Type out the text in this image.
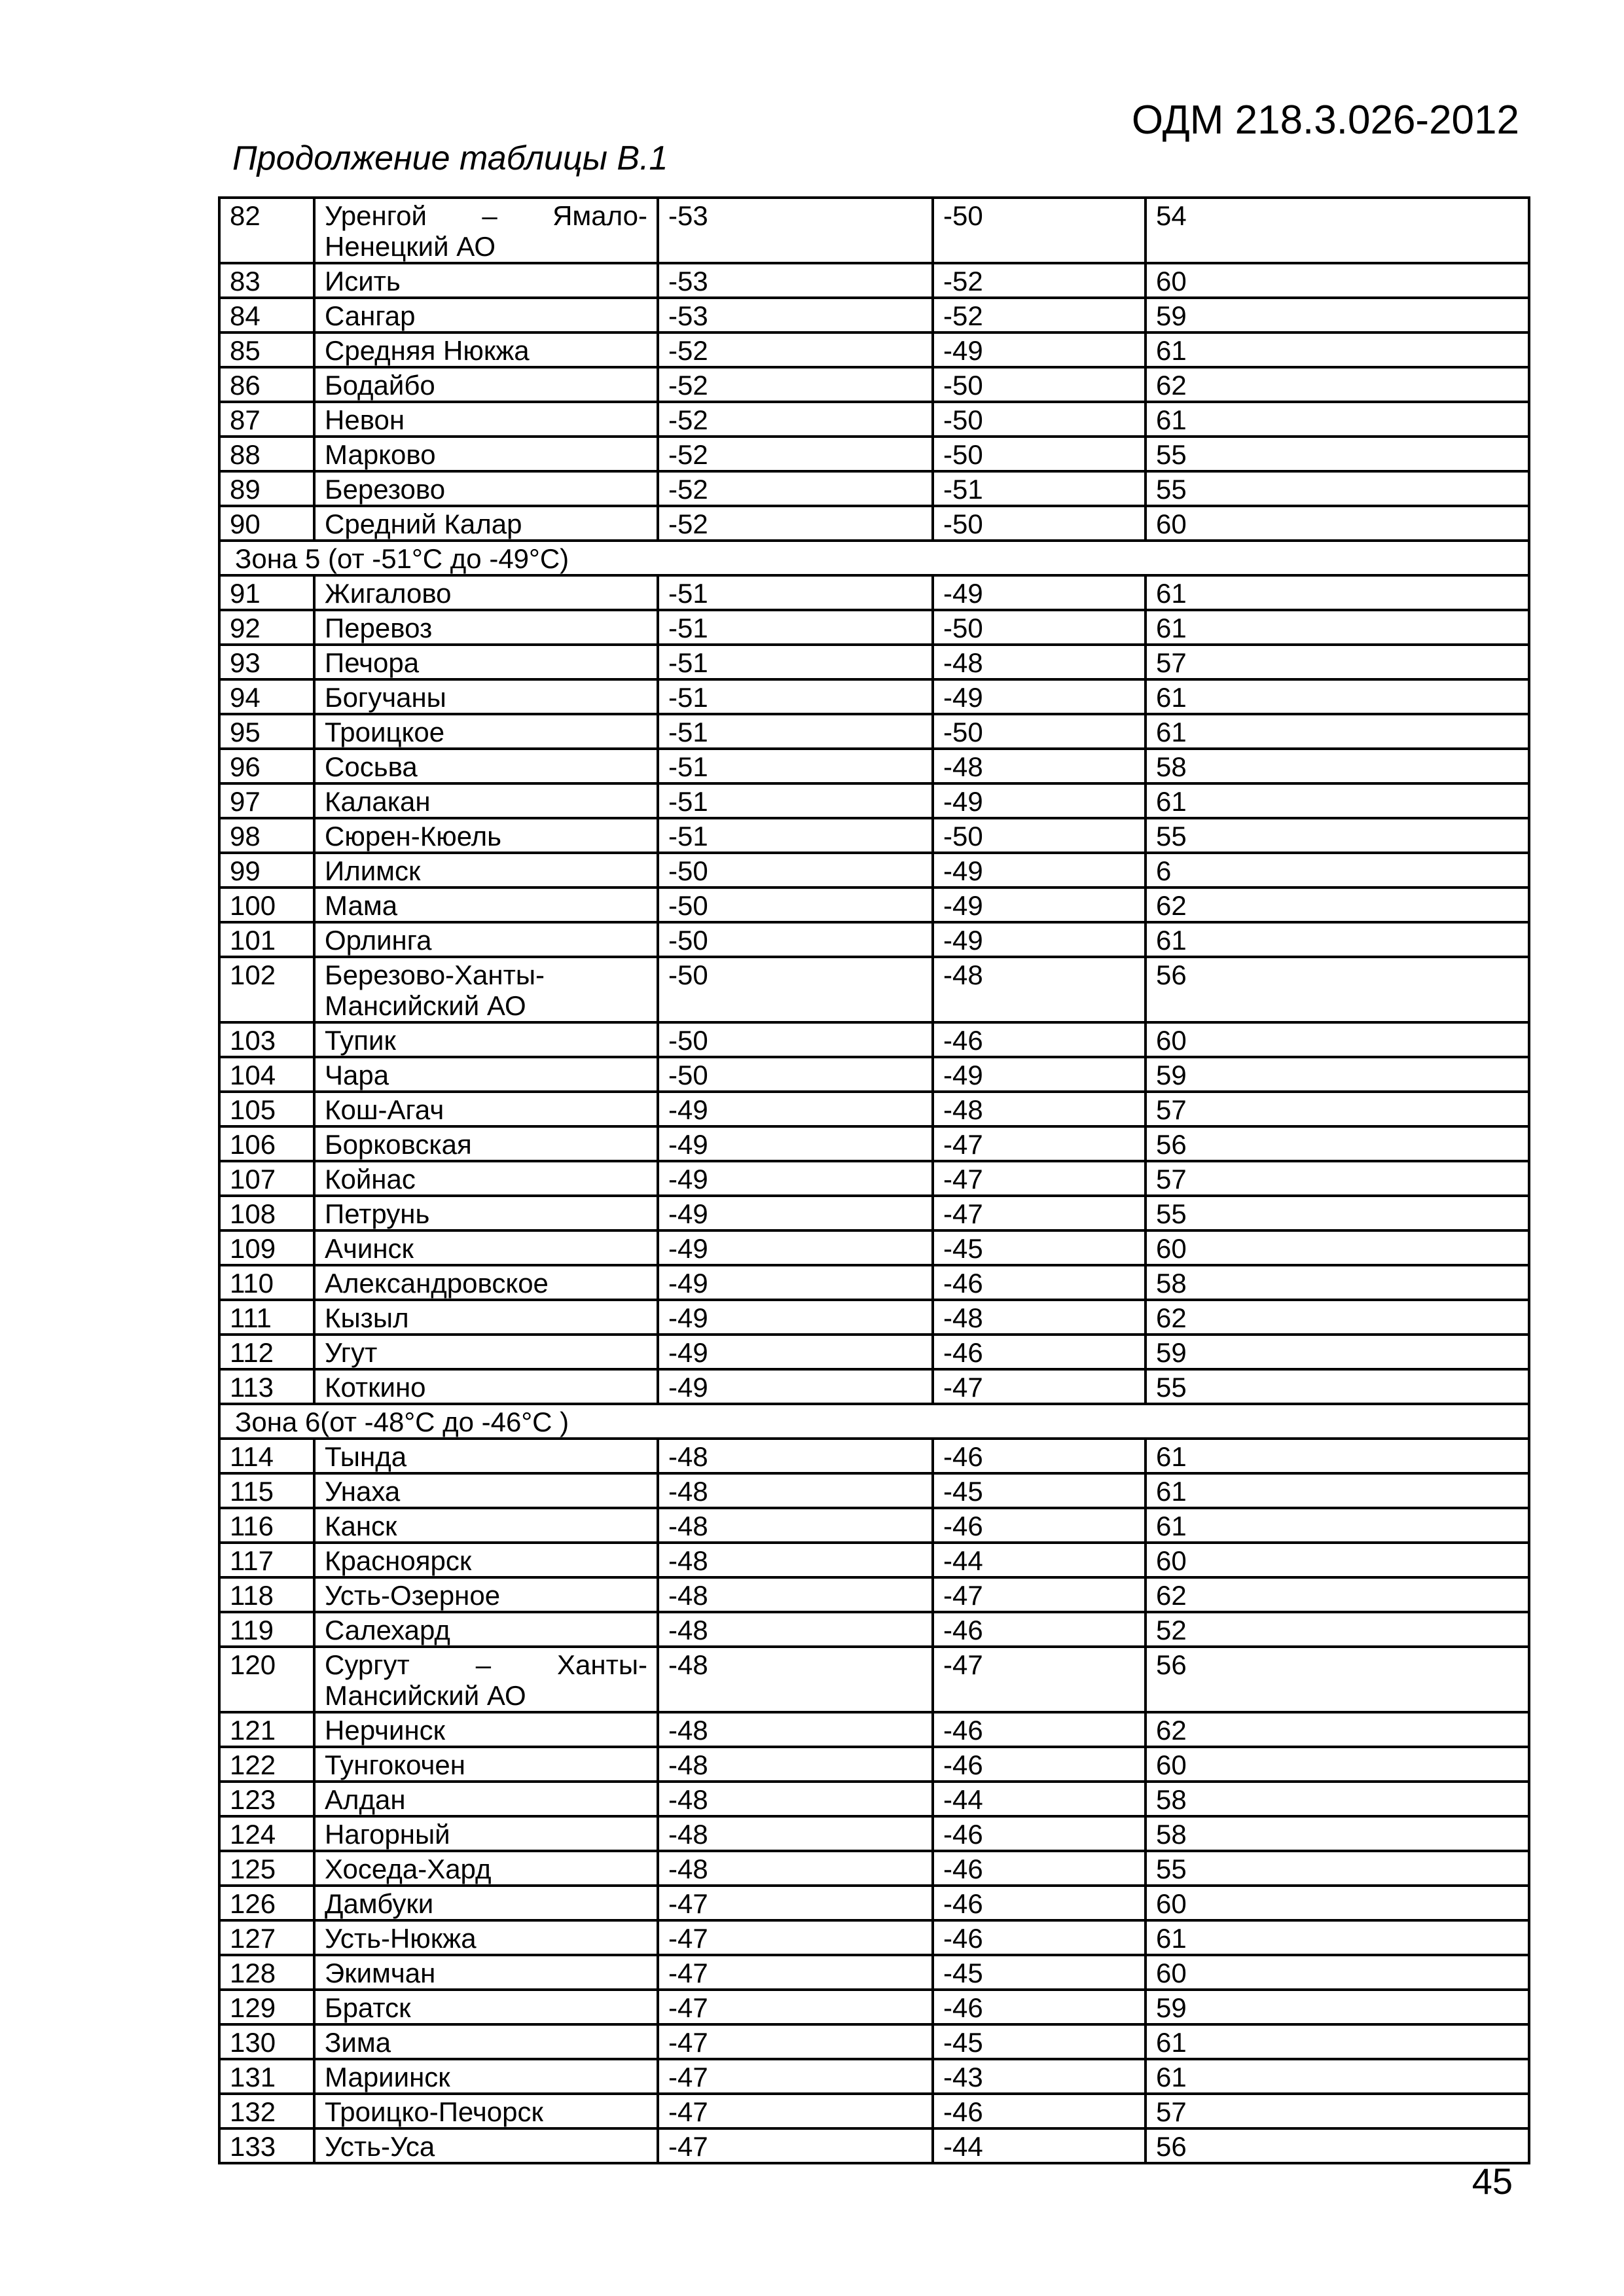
ОДМ 218.3.026-2012
Продолжение таблицы В.1
82	Уренгой – Ямало-Ненецкий АО	-53	-50	54
83	Исить	-53	-52	60
84	Сангар	-53	-52	59
85	Средняя Нюкжа	-52	-49	61
86	Бодайбо	-52	-50	62
87	Невон	-52	-50	61
88	Марково	-52	-50	55
89	Березово	-52	-51	55
90	Средний Калар	-52	-50	60
Зона 5 (от -51°С до -49°С)				
91	Жигалово	-51	-49	61
92	Перевоз	-51	-50	61
93	Печора	-51	-48	57
94	Богучаны	-51	-49	61
95	Троицкое	-51	-50	61
96	Сосьва	-51	-48	58
97	Калакан	-51	-49	61
98	Сюрен-Кюель	-51	-50	55
99	Илимск	-50	-49	6
100	Мама	-50	-49	62
101	Орлинга	-50	-49	61
102	Березово-Ханты-Мансийский АО	-50	-48	56
103	Тупик	-50	-46	60
104	Чара	-50	-49	59
105	Кош-Агач	-49	-48	57
106	Борковская	-49	-47	56
107	Койнас	-49	-47	57
108	Петрунь	-49	-47	55
109	Ачинск	-49	-45	60
110	Александровское	-49	-46	58
111	Кызыл	-49	-48	62
112	Угут	-49	-46	59
113	Коткино	-49	-47	55
Зона 6(от -48°С до -46°С )				
114	Тында	-48	-46	61
115	Унаха	-48	-45	61
116	Канск	-48	-46	61
117	Красноярск	-48	-44	60
118	Усть-Озерное	-48	-47	62
119	Салехард	-48	-46	52
120	Сургут – Ханты-Мансийский АО	-48	-47	56
121	Нерчинск	-48	-46	62
122	Тунгокочен	-48	-46	60
123	Алдан	-48	-44	58
124	Нагорный	-48	-46	58
125	Хоседа-Хард	-48	-46	55
126	Дамбуки	-47	-46	60
127	Усть-Нюкжа	-47	-46	61
128	Экимчан	-47	-45	60
129	Братск	-47	-46	59
130	Зима	-47	-45	61
131	Мариинск	-47	-43	61
132	Троицко-Печорск	-47	-46	57
133	Усть-Уса	-47	-44	56
45
